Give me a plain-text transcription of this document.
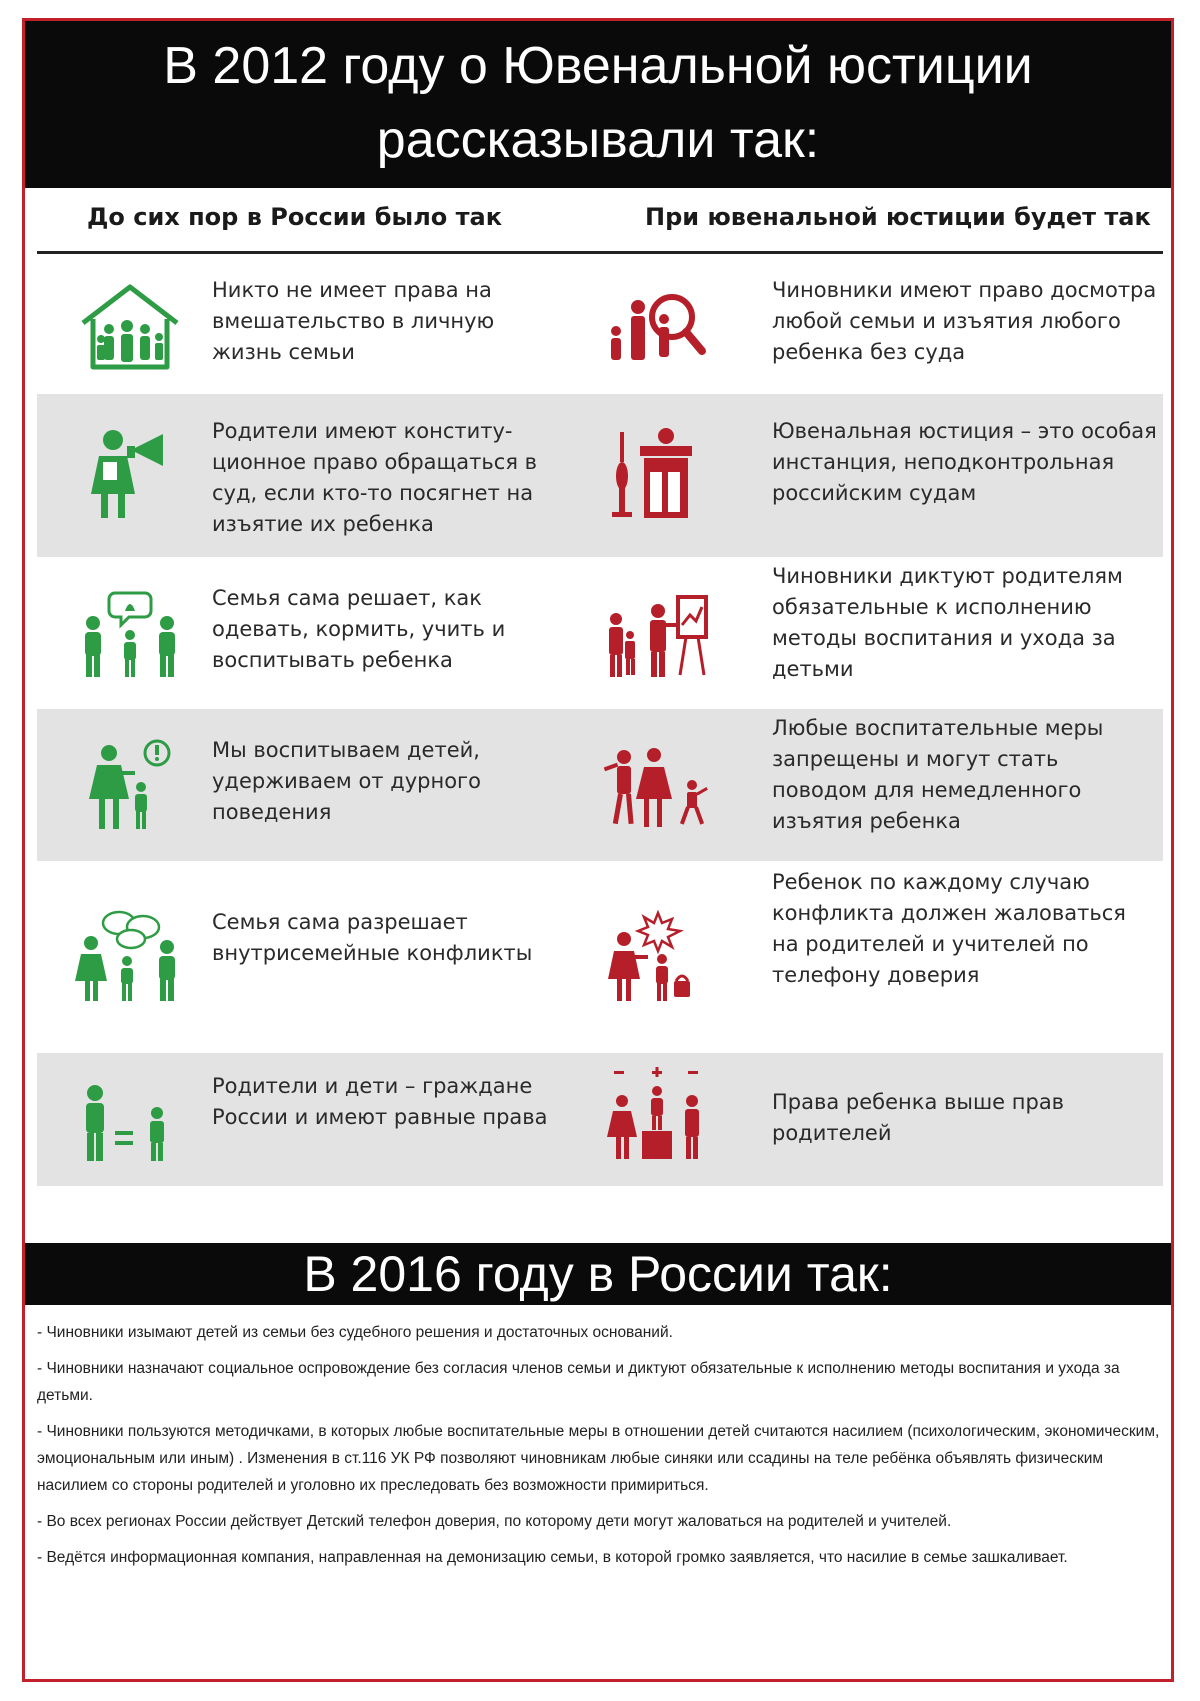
В 2012 году о Ювенальной юстиции
рассказывали так:
До сих пор в России было так	При ювенальной юстиции будет так
Никто не имеет права на вмешательство в личную жизнь семьи
Чиновники имеют право досмотра любой семьи и изъятия любого ребенка без суда
Родители имеют конститу-ционное право обращаться в суд, если кто-то посягнет на изъятие их ребенка
Ювенальная юстиция – это особая инстанция, неподконтрольная российским судам
Семья сама решает, как одевать, кормить, учить и воспитывать ребенка
Чиновники диктуют родителям обязательные к исполнению методы воспитания и ухода за детьми
Мы воспитываем детей, удерживаем от дурного поведения
Любые воспитательные меры запрещены и могут стать поводом для немедленного изъятия ребенка
Семья сама разрешает внутрисемейные конфликты
Ребенок по каждому случаю конфликта должен жаловаться на родителей и учителей по телефону доверия
Родители и дети – граждане России и имеют равные права
Права ребенка выше прав родителей
В 2016 году в России так:
- Чиновники изымают детей из семьи без судебного решения и достаточных оснований.
- Чиновники назначают социальное оспровождение без согласия членов семьи и диктуют обязательные к исполнению методы воспитания и ухода за детьми.
- Чиновники пользуются методичками, в которых любые воспитательные меры в отношении детей считаются насилием (психологическим, экономическим, эмоциональным или иным) . Изменения в ст.116 УК РФ позволяют чиновникам любые синяки или ссадины на теле ребёнка объявлять физическим насилием со стороны родителей и уголовно их преследовать без возможности примириться.
- Во всех регионах России действует Детский телефон доверия, по которому дети могут жаловаться на родителей и учителей.
- Ведётся информационная компания, направленная на демонизацию семьи, в которой громко заявляется, что насилие в семье зашкаливает.
